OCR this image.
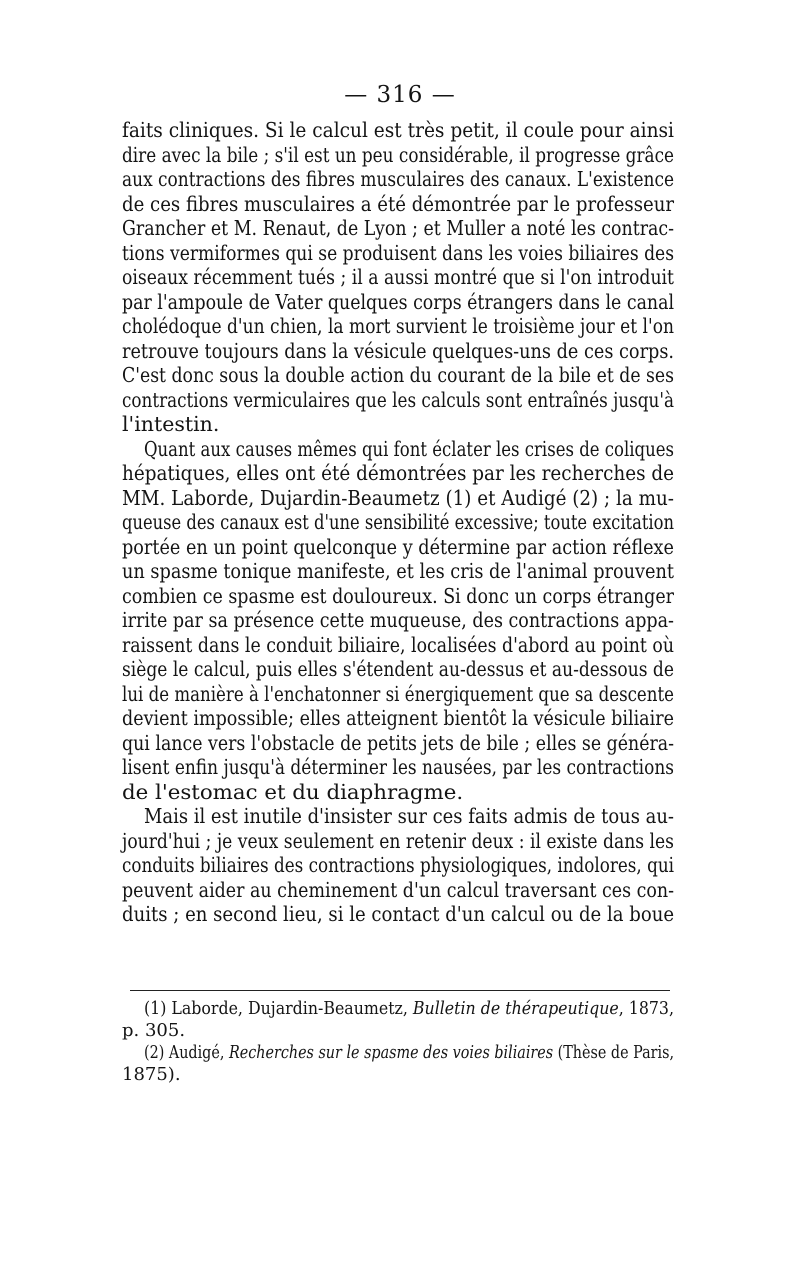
— 316 —
faits cliniques. Si le calcul est très petit, il coule pour ainsi
dire avec la bile ; s'il est un peu considérable, il progresse grâce
aux contractions des fibres musculaires des canaux. L'existence
de ces fibres musculaires a été démontrée par le professeur
Grancher et M. Renaut, de Lyon ; et Muller a noté les contrac-
tions vermiformes qui se produisent dans les voies biliaires des
oiseaux récemment tués ; il a aussi montré que si l'on introduit
par l'ampoule de Vater quelques corps étrangers dans le canal
cholédoque d'un chien, la mort survient le troisième jour et l'on
retrouve toujours dans la vésicule quelques-uns de ces corps.
C'est donc sous la double action du courant de la bile et de ses
contractions vermiculaires que les calculs sont entraînés jusqu'à
l'intestin.
Quant aux causes mêmes qui font éclater les crises de coliques
hépatiques, elles ont été démontrées par les recherches de
MM. Laborde, Dujardin-Beaumetz (1) et Audigé (2) ; la mu-
queuse des canaux est d'une sensibilité excessive; toute excitation
portée en un point quelconque y détermine par action réflexe
un spasme tonique manifeste, et les cris de l'animal prouvent
combien ce spasme est douloureux. Si donc un corps étranger
irrite par sa présence cette muqueuse, des contractions appa-
raissent dans le conduit biliaire, localisées d'abord au point où
siège le calcul, puis elles s'étendent au-dessus et au-dessous de
lui de manière à l'enchatonner si énergiquement que sa descente
devient impossible; elles atteignent bientôt la vésicule biliaire
qui lance vers l'obstacle de petits jets de bile ; elles se généra-
lisent enfin jusqu'à déterminer les nausées, par les contractions
de l'estomac et du diaphragme.
Mais il est inutile d'insister sur ces faits admis de tous au-
jourd'hui ; je veux seulement en retenir deux : il existe dans les
conduits biliaires des contractions physiologiques, indolores, qui
peuvent aider au cheminement d'un calcul traversant ces con-
duits ; en second lieu, si le contact d'un calcul ou de la boue
(1) Laborde, Dujardin-Beaumetz, Bulletin de thérapeutique, 1873,
p. 305.
(2) Audigé, Recherches sur le spasme des voies biliaires (Thèse de Paris,
1875).
